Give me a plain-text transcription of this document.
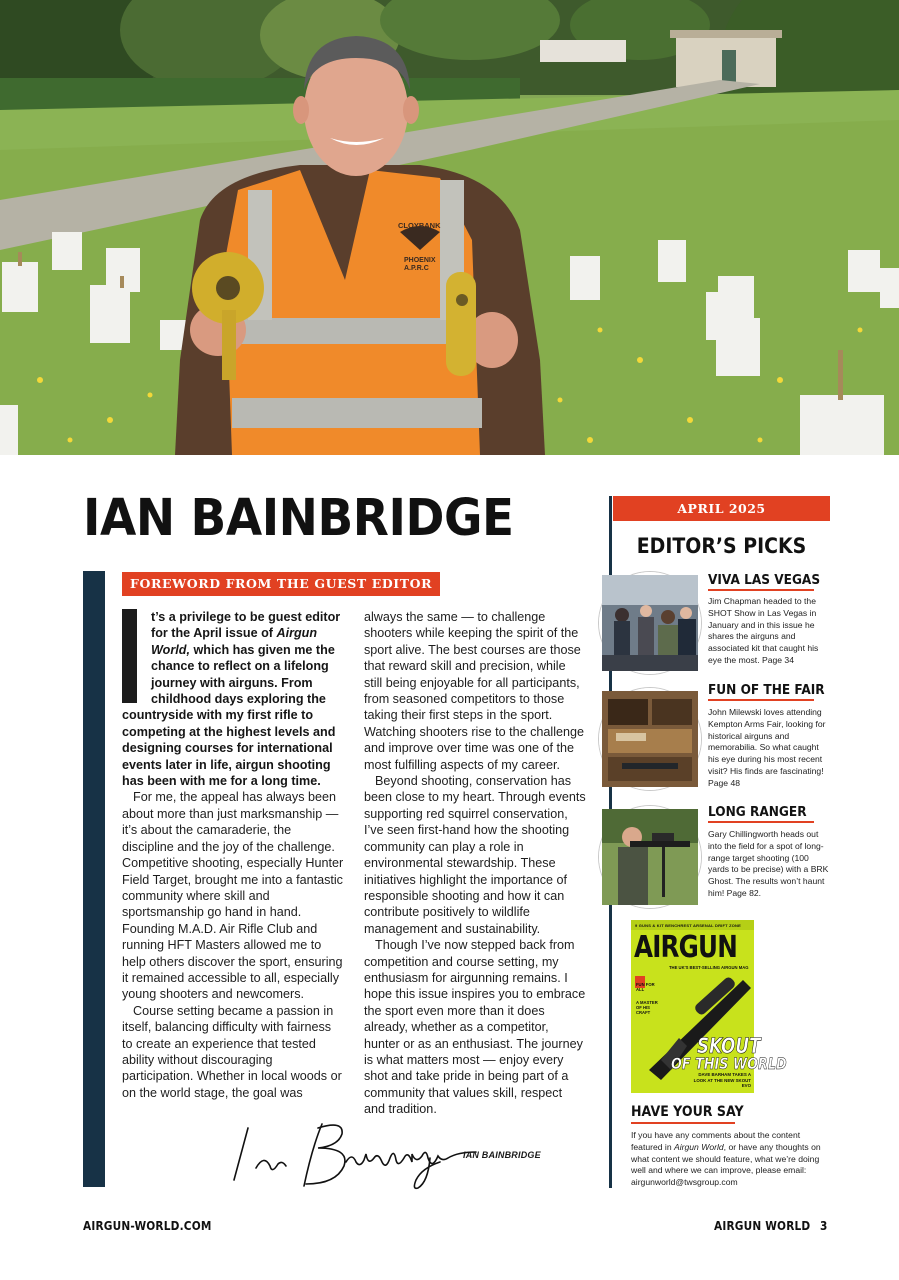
CLOYBANK
PHOENIX
A.P.R.C
IAN BAINBRIDGE
FOREWORD FROM THE GUEST EDITOR

t’s a privilege to be guest editor
for the April issue of Airgun
World, which has given me the
chance to reflect on a lifelong
journey with airguns. From
childhood days exploring the
countryside with my first rifle to competing at the highest levels and designing courses for international events later in life, airgun shooting has been with me for a long time.

For me, the appeal has always been about more than just marksmanship — it’s about the camaraderie, the discipline and the joy of the challenge. Competitive shooting, especially Hunter Field Target, brought me into a fantastic community where skill and sportsmanship go hand in hand. Founding M.A.D. Air Rifle Club and running HFT Masters allowed me to help others discover the sport, ensuring it remained accessible to all, especially young shooters and newcomers.

Course setting became a passion in itself, balancing difficulty with fairness to create an experience that tested ability without discouraging participation. Whether in local woods or on the world stage, the goal was

always the same — to challenge shooters while keeping the spirit of the sport alive. The best courses are those that reward skill and precision, while still being enjoyable for all participants, from seasoned competitors to those taking their first steps in the sport. Watching shooters rise to the challenge and improve over time was one of the most fulfilling aspects of my career.

Beyond shooting, conservation has been close to my heart. Through events supporting red squirrel conservation, I’ve seen first-hand how the shooting community can play a role in environmental stewardship. These initiatives highlight the importance of responsible shooting and how it can contribute positively to wildlife management and sustainability.

Though I’ve now stepped back from competition and course setting, my enthusiasm for airgunning remains. I hope this issue inspires you to embrace the sport even more than it does already, whether as a competitor, hunter or as an enthusiast. The journey is what matters most — enjoy every shot and take pride in being part of a community that values skill, respect and tradition.

IAN BAINBRIDGE
APRIL 2025
EDITOR’S PICKS
VIVA LAS VEGAS
Jim Chapman headed to the SHOT Show in Las Vegas in January and in this issue he shares the airguns and associated kit that caught his eye the most. Page 34
FUN OF THE FAIR
John Milewski loves attending Kempton Arms Fair, looking for historical airguns and memorabilia. So what caught his eye during his most recent visit? His finds are fascinating! Page 48
LONG RANGER
Gary Chillingworth heads out into the field for a spot of long-range target shooting (100 yards to be precise) with a BRK Ghost. The results won’t haunt him! Page 82.
9 GUNS & KIT BENCHREST ARSENAL DRIFT ZONE
AIRGUN
THE UK'S BEST-SELLING AIRGUN MAG
FUN FOR ALL
A MASTER OF HIS CRAFT
SKOUT
OF THIS WORLD
DAVE BARHAM TAKES A LOOK AT THE NEW SKOUT EVO
HAVE YOUR SAY
If you have any comments about the content featured in Airgun World, or have any thoughts on what content we should feature, what we’re doing well and where we can improve, please email: airgunworld@twsgroup.com
AIRGUN-WORLD.COM	AIRGUN WORLD 3
